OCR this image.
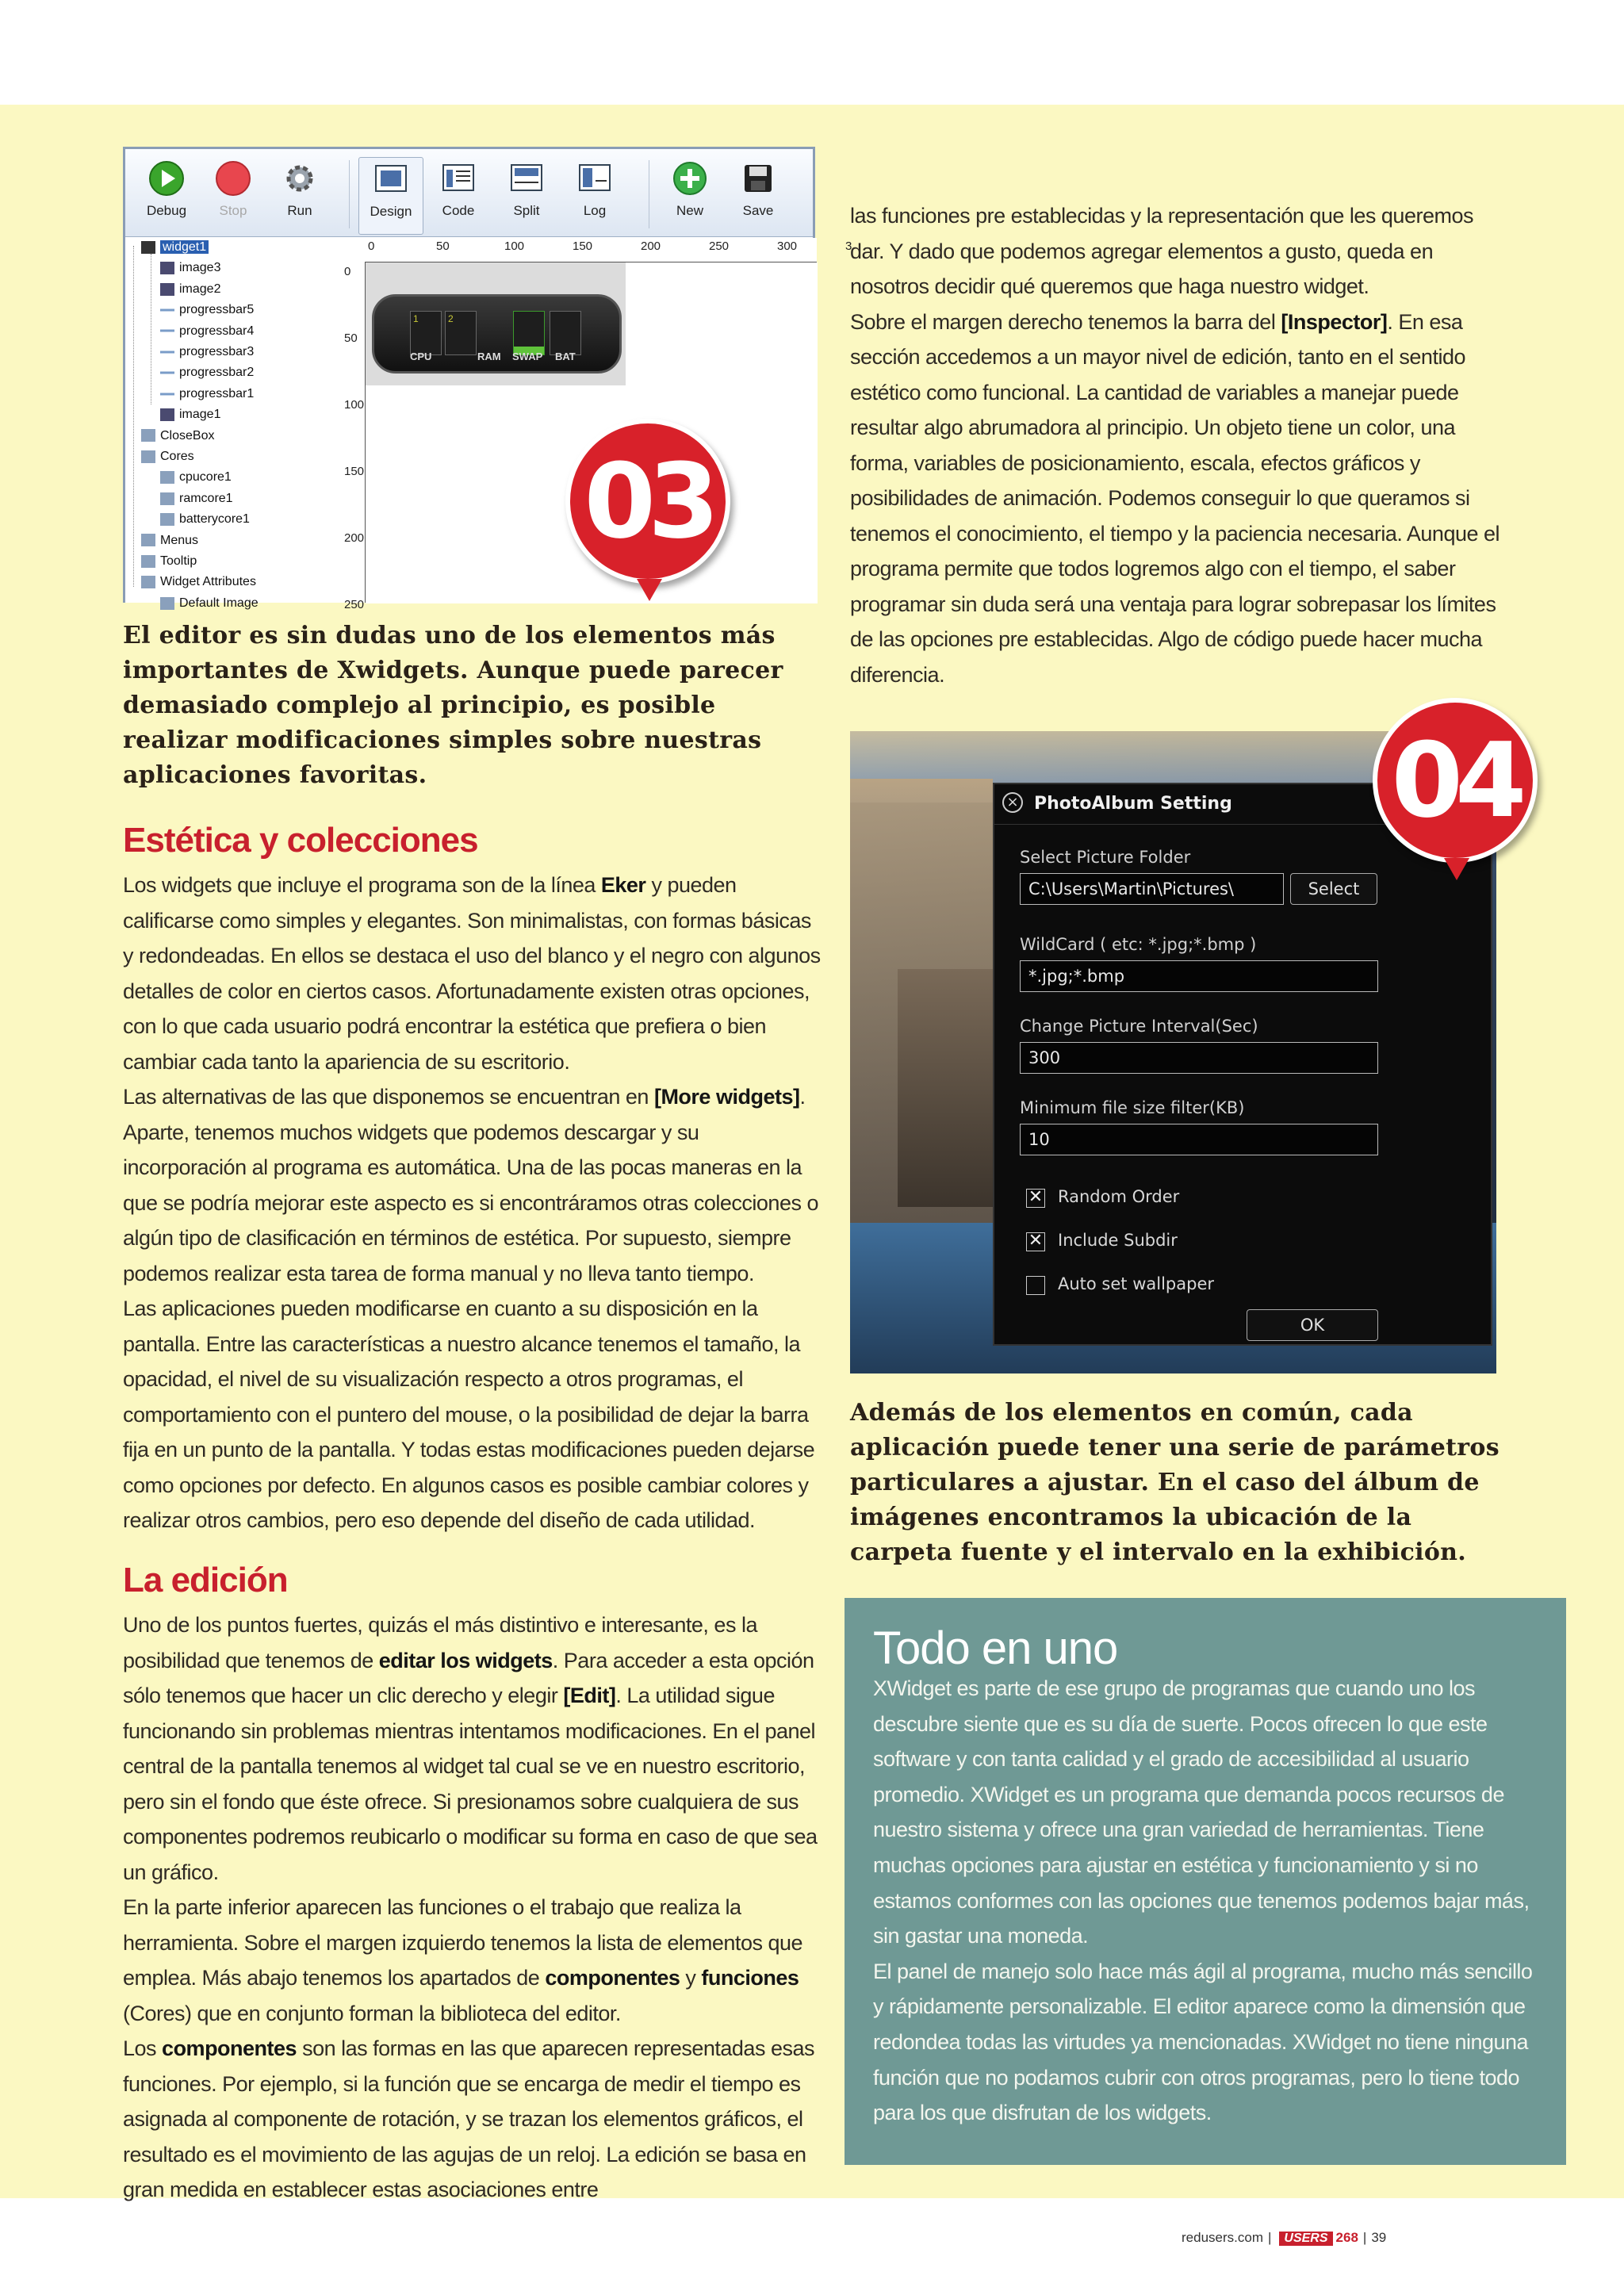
Debug	Stop	Run	Design	Code	Split	Log	New	Save
widget1
image3
image2
progressbar5
progressbar4
progressbar3
progressbar2
progressbar1
image1
CloseBox
Cores
cpucore1
ramcore1
batterycore1
Menus
Tooltip
Widget Attributes
Default Image
0	50	100	150	200	250	300	3
0
50
100
150
200
250
1	2
CPU	RAM SWAP BAT
03
El editor es sin dudas uno de los elementos más importantes de Xwidgets. Aunque puede parecer demasiado complejo al principio, es posible realizar modificaciones simples sobre nuestras aplicaciones favoritas.
Estética y colecciones
Los widgets que incluye el programa son de la línea Eker y pueden calificarse como simples y elegantes. Son minimalistas, con formas básicas y redondeadas. En ellos se destaca el uso del blanco y el negro con algunos detalles de color en ciertos casos. Afortunadamente existen otras opciones, con lo que cada usuario podrá encontrar la estética que prefiera o bien cambiar cada tanto la apariencia de su escritorio.
Las alternativas de las que disponemos se encuentran en [More widgets]. Aparte, tenemos muchos widgets que podemos descargar y su incorporación al programa es automática. Una de las pocas maneras en la que se podría mejorar este aspecto es si encontráramos otras colecciones o algún tipo de clasificación en términos de estética. Por supuesto, siempre podemos realizar esta tarea de forma manual y no lleva tanto tiempo.
Las aplicaciones pueden modificarse en cuanto a su disposición en la pantalla. Entre las características a nuestro alcance tenemos el tamaño, la opacidad, el nivel de su visualización respecto a otros programas, el comportamiento con el puntero del mouse, o la posibilidad de dejar la barra fija en un punto de la pantalla. Y todas estas modificaciones pueden dejarse como opciones por defecto. En algunos casos es posible cambiar colores y realizar otros cambios, pero eso depende del diseño de cada utilidad.
La edición
Uno de los puntos fuertes, quizás el más distintivo e interesante, es la posibilidad que tenemos de editar los widgets. Para acceder a esta opción sólo tenemos que hacer un clic derecho y elegir [Edit]. La utilidad sigue funcionando sin problemas mientras intentamos modificaciones. En el panel central de la pantalla tenemos al widget tal cual se ve en nuestro escritorio, pero sin el fondo que éste ofrece. Si presionamos sobre cualquiera de sus componentes podremos reubicarlo o modificar su forma en caso de que sea un gráfico.
En la parte inferior aparecen las funciones o el trabajo que realiza la herramienta. Sobre el margen izquierdo tenemos la lista de elementos que emplea. Más abajo tenemos los apartados de componentes y funciones (Cores) que en conjunto forman la biblioteca del editor.
Los componentes son las formas en las que aparecen representadas esas funciones. Por ejemplo, si la función que se encarga de medir el tiempo es asignada al componente de rotación, y se trazan los elementos gráficos, el resultado es el movimiento de las agujas de un reloj. La edición se basa en gran medida en establecer estas asociaciones entre
las funciones pre establecidas y la representación que les queremos dar. Y dado que podemos agregar elementos a gusto, queda en nosotros decidir qué queremos que haga nuestro widget.
Sobre el margen derecho tenemos la barra del [Inspector]. En esa sección accedemos a un mayor nivel de edición, tanto en el sentido estético como funcional. La cantidad de variables a manejar puede resultar algo abrumadora al principio. Un objeto tiene un color, una forma, variables de posicionamiento, escala, efectos gráficos y posibilidades de animación. Podemos conseguir lo que queramos si tenemos el conocimiento, el tiempo y la paciencia necesaria. Aunque el programa permite que todos logremos algo con el tiempo, el saber programar sin duda será una ventaja para lograr sobrepasar los límites de las opciones pre establecidas. Algo de código puede hacer mucha diferencia.
× PhotoAlbum Setting
Select Picture Folder
C:\Users\Martin\Pictures\	Select
WildCard ( etc: *.jpg;*.bmp )
*.jpg;*.bmp
Change Picture Interval(Sec)
300
Minimum file size filter(KB)
10
✕ Random Order
✕ Include Subdir
Auto set wallpaper
OK
04
Además de los elementos en común, cada aplicación puede tener una serie de parámetros particulares a ajustar. En el caso del álbum de imágenes encontramos la ubicación de la carpeta fuente y el intervalo en la exhibición.
Todo en uno
XWidget es parte de ese grupo de programas que cuando uno los descubre siente que es su día de suerte. Pocos ofrecen lo que este software y con tanta calidad y el grado de accesibilidad al usuario promedio. XWidget es un programa que demanda pocos recursos de nuestro sistema y ofrece una gran variedad de herramientas. Tiene muchas opciones para ajustar en estética y funcionamiento y si no estamos conformes con las opciones que tenemos podemos bajar más, sin gastar una moneda.
El panel de manejo solo hace más ágil al programa, mucho más sencillo y rápidamente personalizable. El editor aparece como la dimensión que redondea todas las virtudes ya mencionadas. XWidget no tiene ninguna función que no podamos cubrir con otros programas, pero lo tiene todo para los que disfrutan de los widgets.
redusers.com | USERS 268 | 39
